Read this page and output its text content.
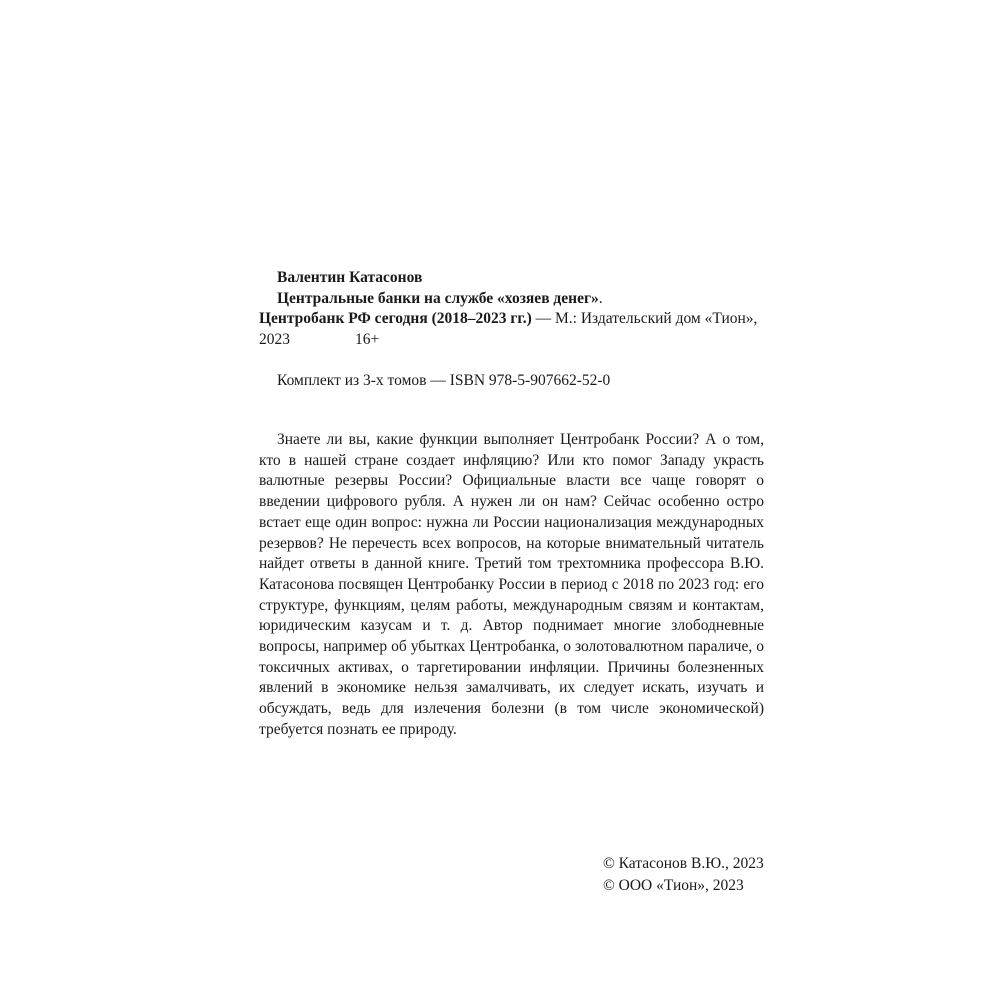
Валентин Катасонов
Центральные банки на службе «хозяев денег».
Центробанк РФ сегодня (2018–2023 гг.) — М.: Издательский дом «Тион»,
2023	16+
Комплект из 3-х томов — ISBN 978-5-907662-52-0

Знаете ли вы, какие функции выполняет Центробанк России? А о том, кто в нашей стране создает инфляцию? Или кто помог Западу украсть валютные резервы России? Официальные власти все чаще говорят о введении цифрового рубля. А нужен ли он нам? Сейчас особенно остро встает еще один вопрос: нужна ли России национализация международных резервов? Не перечесть всех вопросов, на которые внимательный читатель найдет ответы в данной книге. Третий том трехтомника профессора В.Ю. Катасонова посвящен Центробанку России в период с 2018 по 2023 год: его структуре, функциям, целям работы, международным связям и контактам, юридическим казусам и т. д. Автор поднимает многие злободневные вопросы, например об убытках Центробанка, о золотовалютном параличе, о токсичных активах, о таргетировании инфляции. Причины болезненных явлений в экономике нельзя замалчивать, их следует искать, изучать и обсуждать, ведь для излечения болезни (в том числе экономической) требуется познать ее природу.

© Катасонов В.Ю., 2023
© ООО «Тион», 2023
